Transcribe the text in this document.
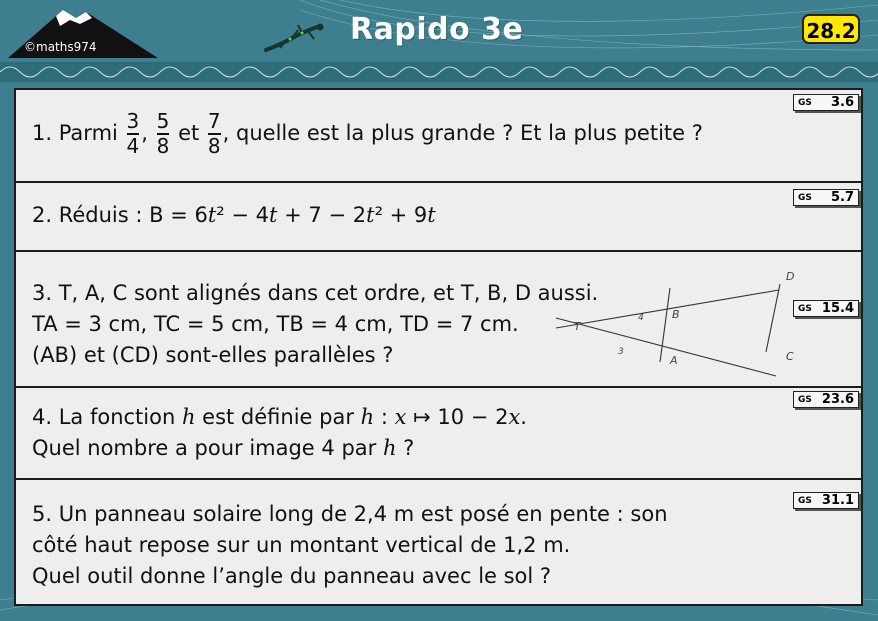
©maths974	Rapido 3e	28.2
GS 3.6
1. Parmi $\frac{3}{4}$ , $\frac{5}{8}$ et $\frac{7}{8}$ , quelle est la plus grande ? Et la plus petite ?
GS 5.7
2. Réduis : B = 6t² − 4t + 7 − 2t² + 9t
GS 15.4
3. T, A, C sont alignés dans cet ordre, et T, B, D aussi.
TA = 3 cm, TC = 5 cm, TB = 4 cm, TD = 7 cm.
(AB) et (CD) sont-elles parallèles ?
T
B
A
D
C
4
3
GS 23.6
4. La fonction h est définie par h : x ↦ 10 − 2x.
Quel nombre a pour image 4 par h ?
GS 31.1
5. Un panneau solaire long de 2,4 m est posé en pente : son
côté haut repose sur un montant vertical de 1,2 m.
Quel outil donne l’angle du panneau avec le sol ?
